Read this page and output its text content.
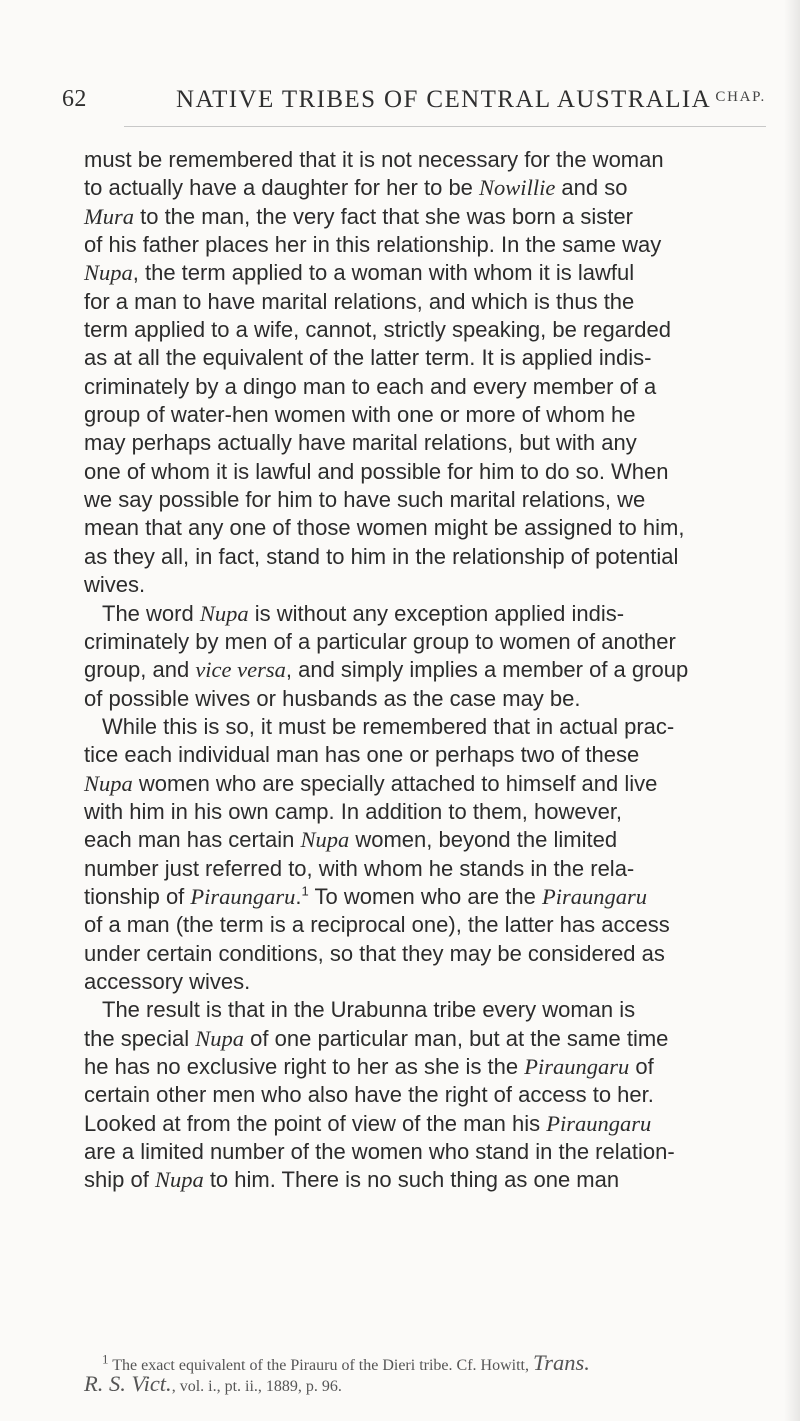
62	NATIVE TRIBES OF CENTRAL AUSTRALIA CHAP.
must be remembered that it is not necessary for the woman
to actually have a daughter for her to be Nowillie and so
Mura to the man, the very fact that she was born a sister
of his father places her in this relationship. In the same way
Nupa, the term applied to a woman with whom it is lawful
for a man to have marital relations, and which is thus the
term applied to a wife, cannot, strictly speaking, be regarded
as at all the equivalent of the latter term. It is applied indis-
criminately by a dingo man to each and every member of a
group of water-hen women with one or more of whom he
may perhaps actually have marital relations, but with any
one of whom it is lawful and possible for him to do so. When
we say possible for him to have such marital relations, we
mean that any one of those women might be assigned to him,
as they all, in fact, stand to him in the relationship of potential
wives.
The word Nupa is without any exception applied indis-
criminately by men of a particular group to women of another
group, and vice versa, and simply implies a member of a group
of possible wives or husbands as the case may be.
While this is so, it must be remembered that in actual prac-
tice each individual man has one or perhaps two of these
Nupa women who are specially attached to himself and live
with him in his own camp. In addition to them, however,
each man has certain Nupa women, beyond the limited
number just referred to, with whom he stands in the rela-
tionship of Piraungaru.$^1$ To women who are the Piraungaru
of a man (the term is a reciprocal one), the latter has access
under certain conditions, so that they may be considered as
accessory wives.
The result is that in the Urabunna tribe every woman is
the special Nupa of one particular man, but at the same time
he has no exclusive right to her as she is the Piraungaru of
certain other men who also have the right of access to her.
Looked at from the point of view of the man his Piraungaru
are a limited number of the women who stand in the relation-
ship of Nupa to him. There is no such thing as one man
$^1$ The exact equivalent of the Pirauru of the Dieri tribe. Cf. Howitt, Trans.
R. S. Vict., vol. i., pt. ii., 1889, p. 96.
